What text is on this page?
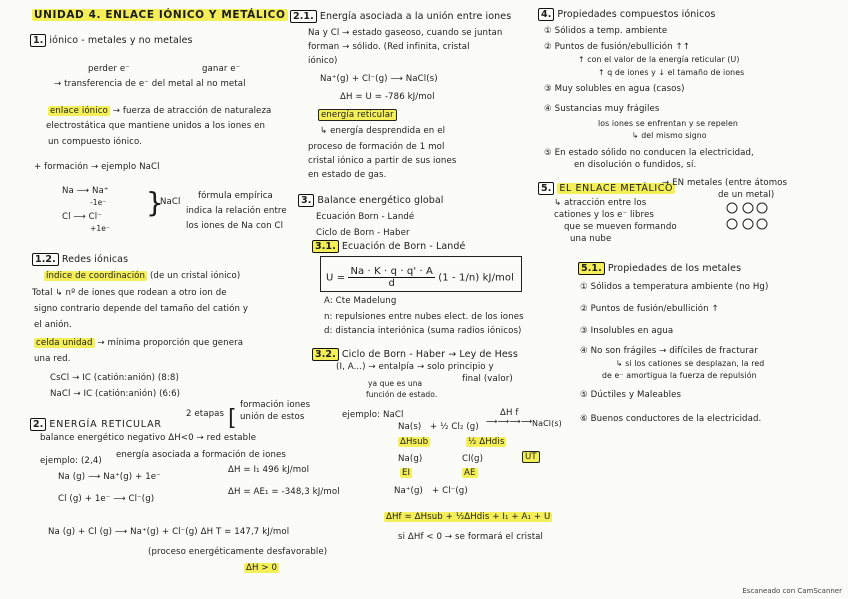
UNIDAD 4. ENLACE IÓNICO Y METÁLICO
1. iónico - metales y no metales
perder e⁻	ganar e⁻
→ transferencia de e⁻ del metal al no metal
enlace iónico → fuerza de atracción de naturaleza
electrostática que mantiene unidos a los iones en
un compuesto iónico.
+ formación → ejemplo NaCl
Na ⟶ Na⁺
-1e⁻
Cl ⟶ Cl⁻
+1e⁻
}
NaCl
fórmula empírica
indica la relación entre
los iones de Na con Cl
1.2. Redes iónicas
índice de coordinación (de un cristal iónico)
Total ↳ nº de iones que rodean a otro ion de
signo contrario depende del tamaño del catión y
el anión.
celda unidad → mínima proporción que genera
una red.
CsCl → IC (catión:anión) (8:8)
NaCl → IC (catión:anión) (6:6)
2. ENERGÍA RETICULAR
2 etapas [
formación iones
unión de estos
balance energético negativo ΔH<0 → red estable
ejemplo: (2,4)
energía asociada a formación de iones
Na (g) ⟶ Na⁺(g) + 1e⁻
ΔH = I₁ 496 kJ/mol
Cl (g) + 1e⁻ ⟶ Cl⁻(g)
ΔH = AE₁ = -348,3 kJ/mol
Na (g) + Cl (g) ⟶ Na⁺(g) + Cl⁻(g) ΔH T = 147,7 kJ/mol
(proceso energéticamente desfavorable)
ΔH > 0
2.1. Energía asociada a la unión entre iones
Na y Cl → estado gaseoso, cuando se juntan
forman → sólido. (Red infinita, cristal
iónico)
Na⁺(g) + Cl⁻(g) ⟶ NaCl(s)
ΔH = U = -786 kJ/mol
energía reticular
↳ energía desprendida en el
proceso de formación de 1 mol
cristal iónico a partir de sus iones
en estado de gas.
3. Balance energético global
Ecuación Born - Landé
Ciclo de Born - Haber
3.1. Ecuación de Born - Landé
$U = \frac{Na \cdot K \cdot q \cdot q' \cdot A}{d} (1 - 1/n)$ kJ/mol
A: Cte Madelung
n: repulsiones entre nubes elect. de los iones
d: distancia interiónica (suma radios iónicos)
3.2. Ciclo de Born - Haber → Ley de Hess
(I, A...) → entalpía → solo principio y
final (valor)
ya que es una
función de estado.
ejemplo: NaCl
Na(s) + ½ Cl₂ (g)
ΔH f
⟶⟶⟶⟶ NaCl(s)
ΔHsub	½ ΔHdis
Na(g)	Cl(g)
EI	AE
UT
Na⁺(g) + Cl⁻(g)
ΔHf = ΔHsub + ½ΔHdis + I₁ + A₁ + U
si ΔHf < 0 → se formará el cristal
4. Propiedades compuestos iónicos
① Sólidos a temp. ambiente
② Puntos de fusión/ebullición ↑↑
↑ con el valor de la energía reticular (U)
↑ q de iones y ↓ el tamaño de iones
③ Muy solubles en agua (casos)
④ Sustancias muy frágiles
los iones se enfrentan y se repelen
↳ del mismo signo
⑤ En estado sólido no conducen la electricidad,
en disolución o fundidos, sí.
5. EL ENLACE METÁLICO
→ EN metales (entre átomos
de un metal)
↳ atracción entre los
cationes y los e⁻ libres
que se mueven formando
una nube
5.1. Propiedades de los metales
① Sólidos a temperatura ambiente (no Hg)
② Puntos de fusión/ebullición ↑
③ Insolubles en agua
④ No son frágiles → difíciles de fracturar
↳ si los cationes se desplazan, la red
de e⁻ amortigua la fuerza de repulsión
⑤ Dúctiles y Maleables
⑥ Buenos conductores de la electricidad.
Escaneado con CamScanner
